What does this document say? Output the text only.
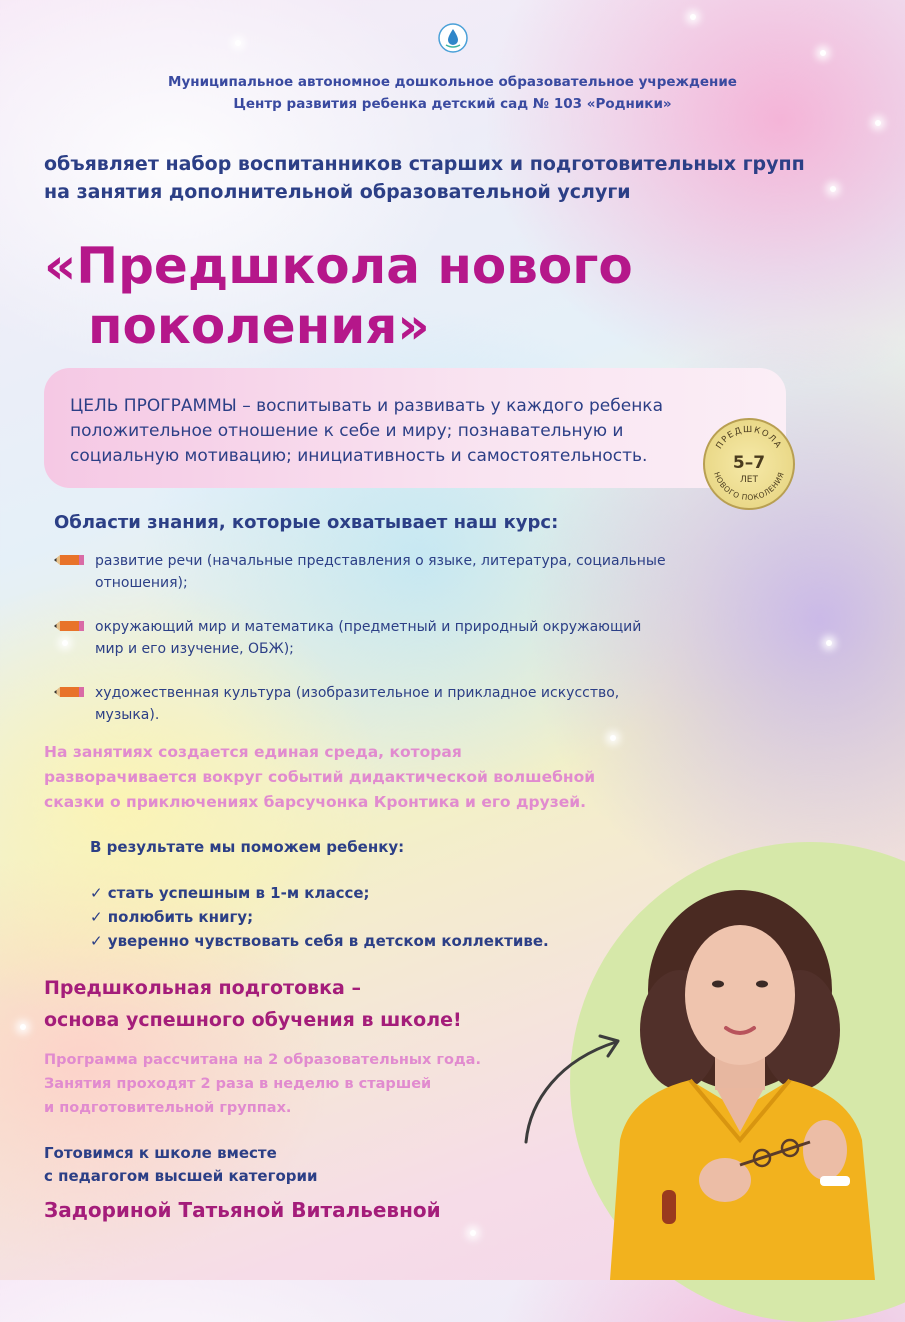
Муниципальное автономное дошкольное образовательное учреждение
Центр развития ребенка детский сад № 103 «Родники»
объявляет набор воспитанников старших и подготовительных групп
на занятия дополнительной образовательной услуги
«Предшкола нового
поколения»
ЦЕЛЬ ПРОГРАММЫ – воспитывать и развивать у каждого ребенка
положительное отношение к себе и миру; познавательную и
социальную мотивацию; инициативность и самостоятельность.
ПРЕДШКОЛА
НОВОГО ПОКОЛЕНИЯ
5–7
ЛЕТ
Области знания, которые охватывает наш курс:
развитие речи (начальные представления о языке, литература, социальные
отношения);
окружающий мир и математика (предметный и природный окружающий
мир и его изучение, ОБЖ);
художественная культура (изобразительное и прикладное искусство,
музыка).
На занятиях создается единая среда, которая
разворачивается вокруг событий дидактической волшебной
сказки о приключениях барсучонка Кронтика и его друзей.
В результате мы поможем ребенку:
✓ стать успешным в 1-м классе;
✓ полюбить книгу;
✓ уверенно чувствовать себя в детском коллективе.
Предшкольная подготовка –
основа успешного обучения в школе!
Программа рассчитана на 2 образовательных года.
Занятия проходят 2 раза в неделю в старшей
и подготовительной группах.
Готовимся к школе вместе
с педагогом высшей категории
Задориной Татьяной Витальевной
